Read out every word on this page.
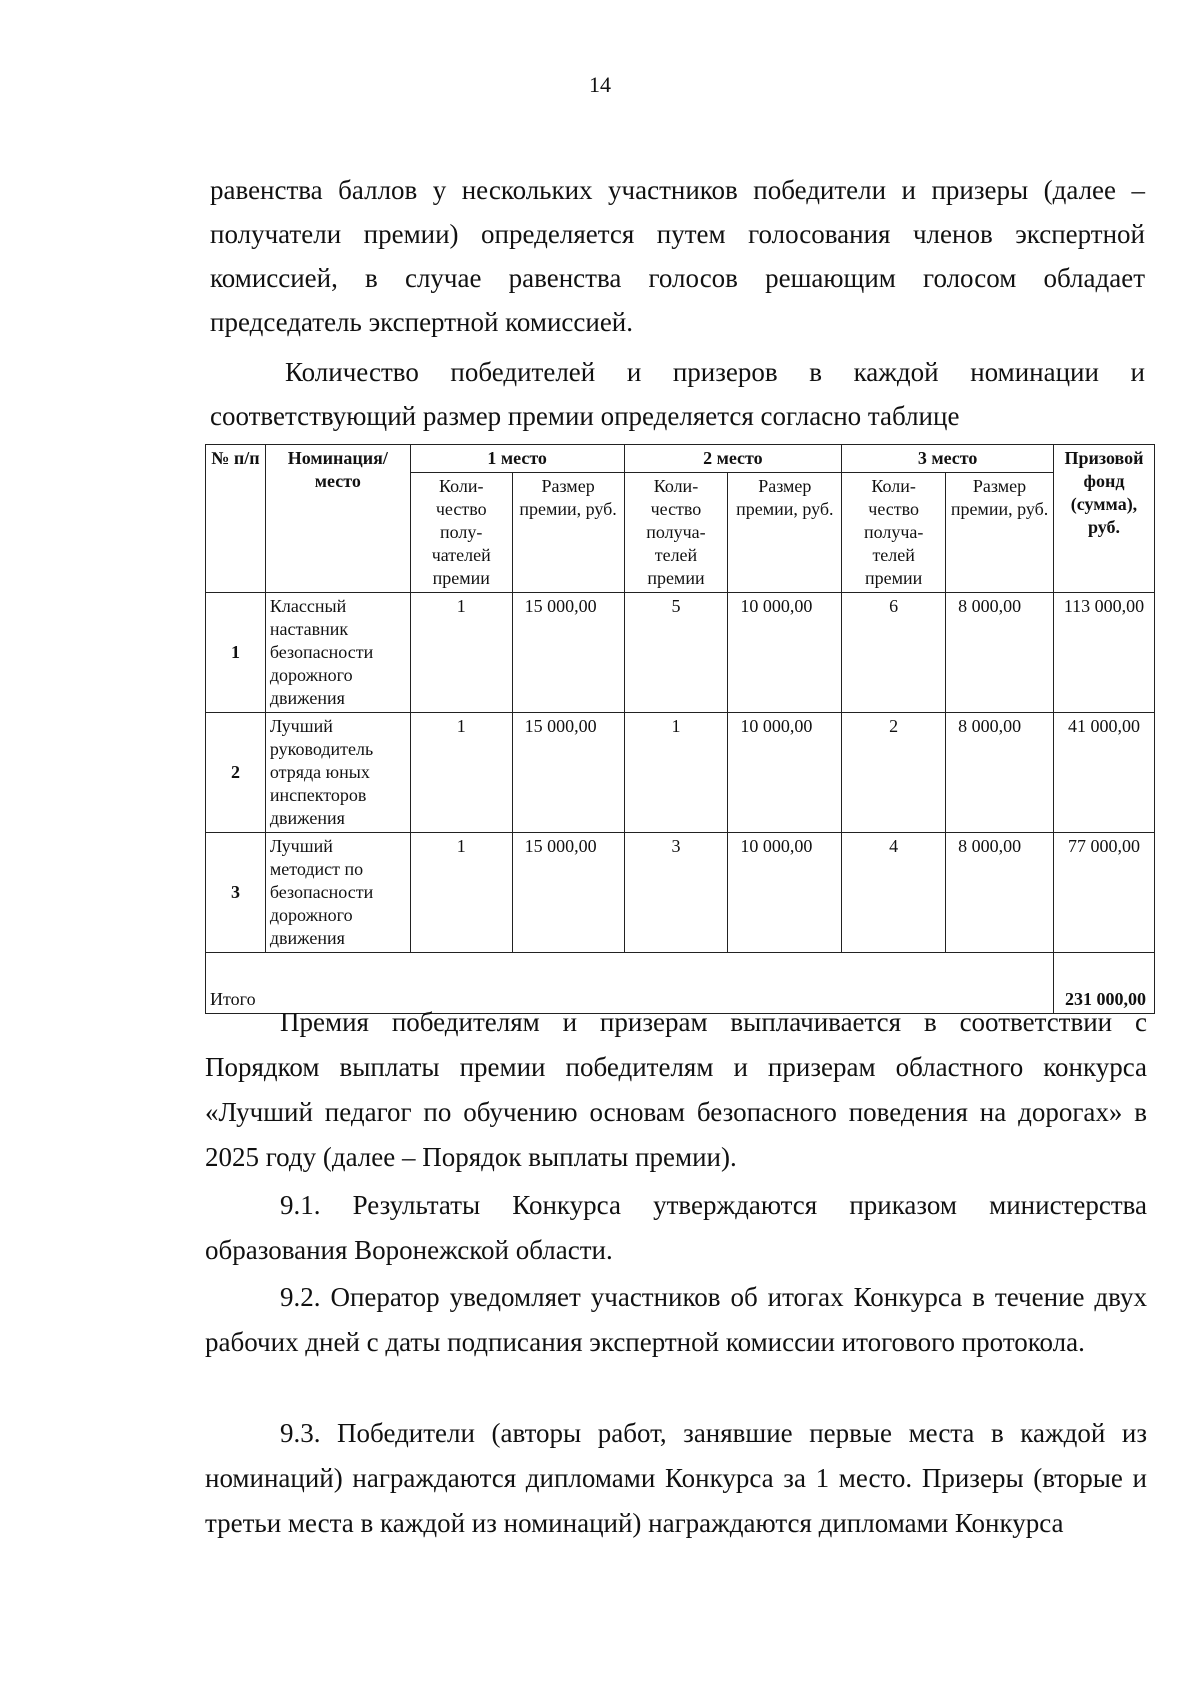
14

равенства баллов у нескольких участников победители и призеры (далее – получатели премии) определяется путем голосования членов экспертной комиссией, в случае равенства голосов решающим голосом обладает председатель экспертной комиссией.

Количество победителей и призеров в каждой номинации и соответствующий размер премии определяется согласно таблице

№ п/п	Номинация/ место	1 место		2 место		3 место		Призовой фонд (сумма), руб.
		Коли-чество полу-чателей премии	Размер премии, руб.	Коли-чество получа-телей премии	Размер премии, руб.	Коли-чество получа-телей премии	Размер премии, руб.	
1	Классный наставник безопасности дорожного движения	1	15 000,00	5	10 000,00	6	8 000,00	113 000,00
2	Лучший руководитель отряда юных инспекторов движения	1	15 000,00	1	10 000,00	2	8 000,00	41 000,00
3	Лучший методист по безопасности дорожного движения	1	15 000,00	3	10 000,00	4	8 000,00	77 000,00
Итого								231 000,00

Премия победителям и призерам выплачивается в соответствии с Порядком выплаты премии победителям и призерам областного конкурса «Лучший педагог по обучению основам безопасного поведения на дорогах» в 2025 году (далее – Порядок выплаты премии).

9.1. Результаты Конкурса утверждаются приказом министерства образования Воронежской области.

9.2. Оператор уведомляет участников об итогах Конкурса в течение двух рабочих дней с даты подписания экспертной комиссии итогового протокола.

9.3. Победители (авторы работ, занявшие первые места в каждой из номинаций) награждаются дипломами Конкурса за 1 место. Призеры (вторые и третьи места в каждой из номинаций) награждаются дипломами Конкурса
